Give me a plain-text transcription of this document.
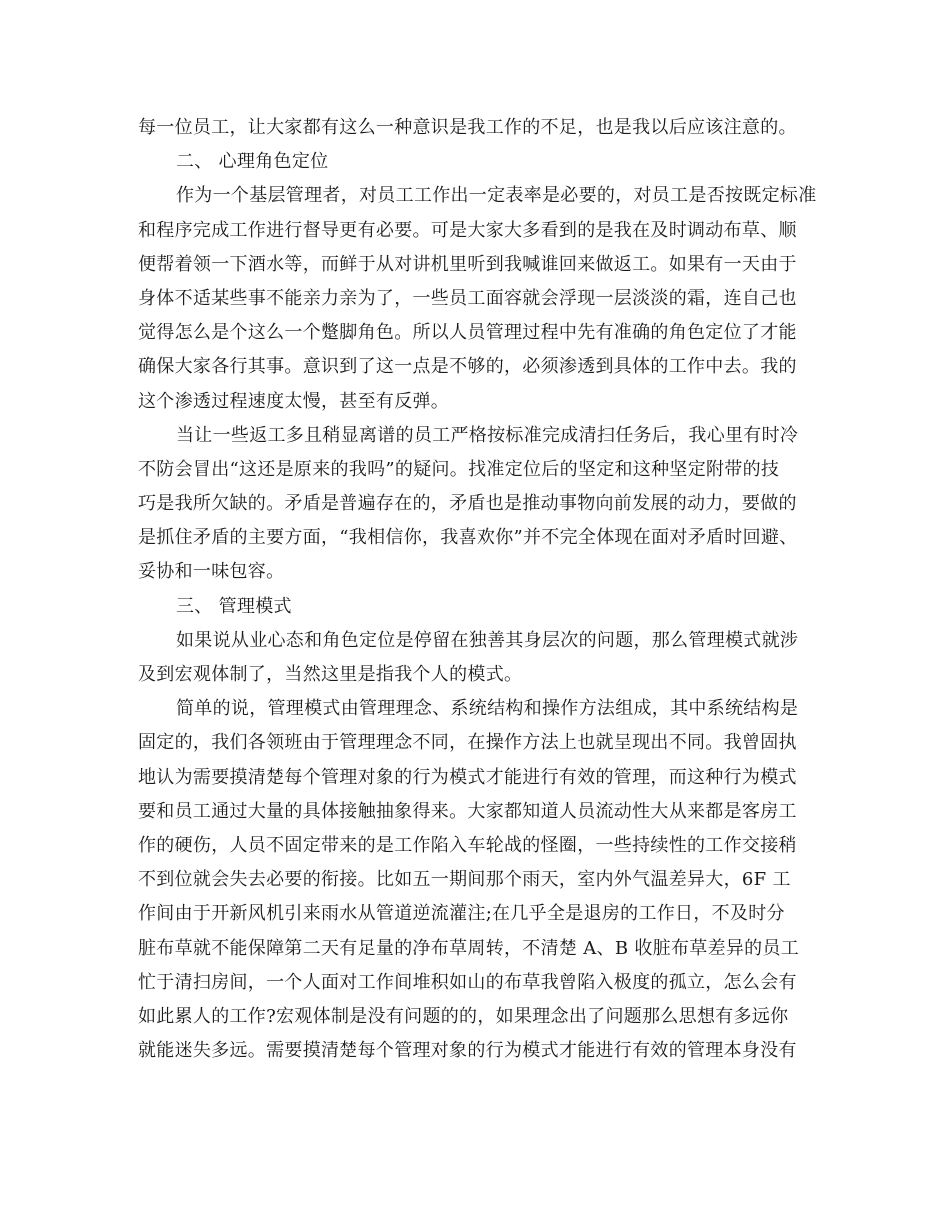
每一位员工，让大家都有这么一种意识是我工作的不足，也是我以后应该注意的。
二、 心理角色定位
作为一个基层管理者，对员工工作出一定表率是必要的，对员工是否按既定标准
和程序完成工作进行督导更有必要。可是大家大多看到的是我在及时调动布草、顺
便帮着领一下酒水等，而鲜于从对讲机里听到我喊谁回来做返工。如果有一天由于
身体不适某些事不能亲力亲为了，一些员工面容就会浮现一层淡淡的霜，连自己也
觉得怎么是个这么一个蹩脚角色。所以人员管理过程中先有准确的角色定位了才能
确保大家各行其事。意识到了这一点是不够的，必须渗透到具体的工作中去。我的
这个渗透过程速度太慢，甚至有反弹。
当让一些返工多且稍显离谱的员工严格按标准完成清扫任务后，我心里有时冷
不防会冒出“这还是原来的我吗”的疑问。找准定位后的坚定和这种坚定附带的技
巧是我所欠缺的。矛盾是普遍存在的，矛盾也是推动事物向前发展的动力，要做的
是抓住矛盾的主要方面，“我相信你，我喜欢你”并不完全体现在面对矛盾时回避、
妥协和一味包容。
三、 管理模式
如果说从业心态和角色定位是停留在独善其身层次的问题，那么管理模式就涉
及到宏观体制了，当然这里是指我个人的模式。
简单的说，管理模式由管理理念、系统结构和操作方法组成，其中系统结构是
固定的，我们各领班由于管理理念不同，在操作方法上也就呈现出不同。我曾固执
地认为需要摸清楚每个管理对象的行为模式才能进行有效的管理，而这种行为模式
要和员工通过大量的具体接触抽象得来。大家都知道人员流动性大从来都是客房工
作的硬伤，人员不固定带来的是工作陷入车轮战的怪圈，一些持续性的工作交接稍
不到位就会失去必要的衔接。比如五一期间那个雨天，室内外气温差异大，6F 工
作间由于开新风机引来雨水从管道逆流灌注;在几乎全是退房的工作日，不及时分
脏布草就不能保障第二天有足量的净布草周转，不清楚 A、B 收脏布草差异的员工
忙于清扫房间，一个人面对工作间堆积如山的布草我曾陷入极度的孤立，怎么会有
如此累人的工作?宏观体制是没有问题的的，如果理念出了问题那么思想有多远你
就能迷失多远。需要摸清楚每个管理对象的行为模式才能进行有效的管理本身没有
